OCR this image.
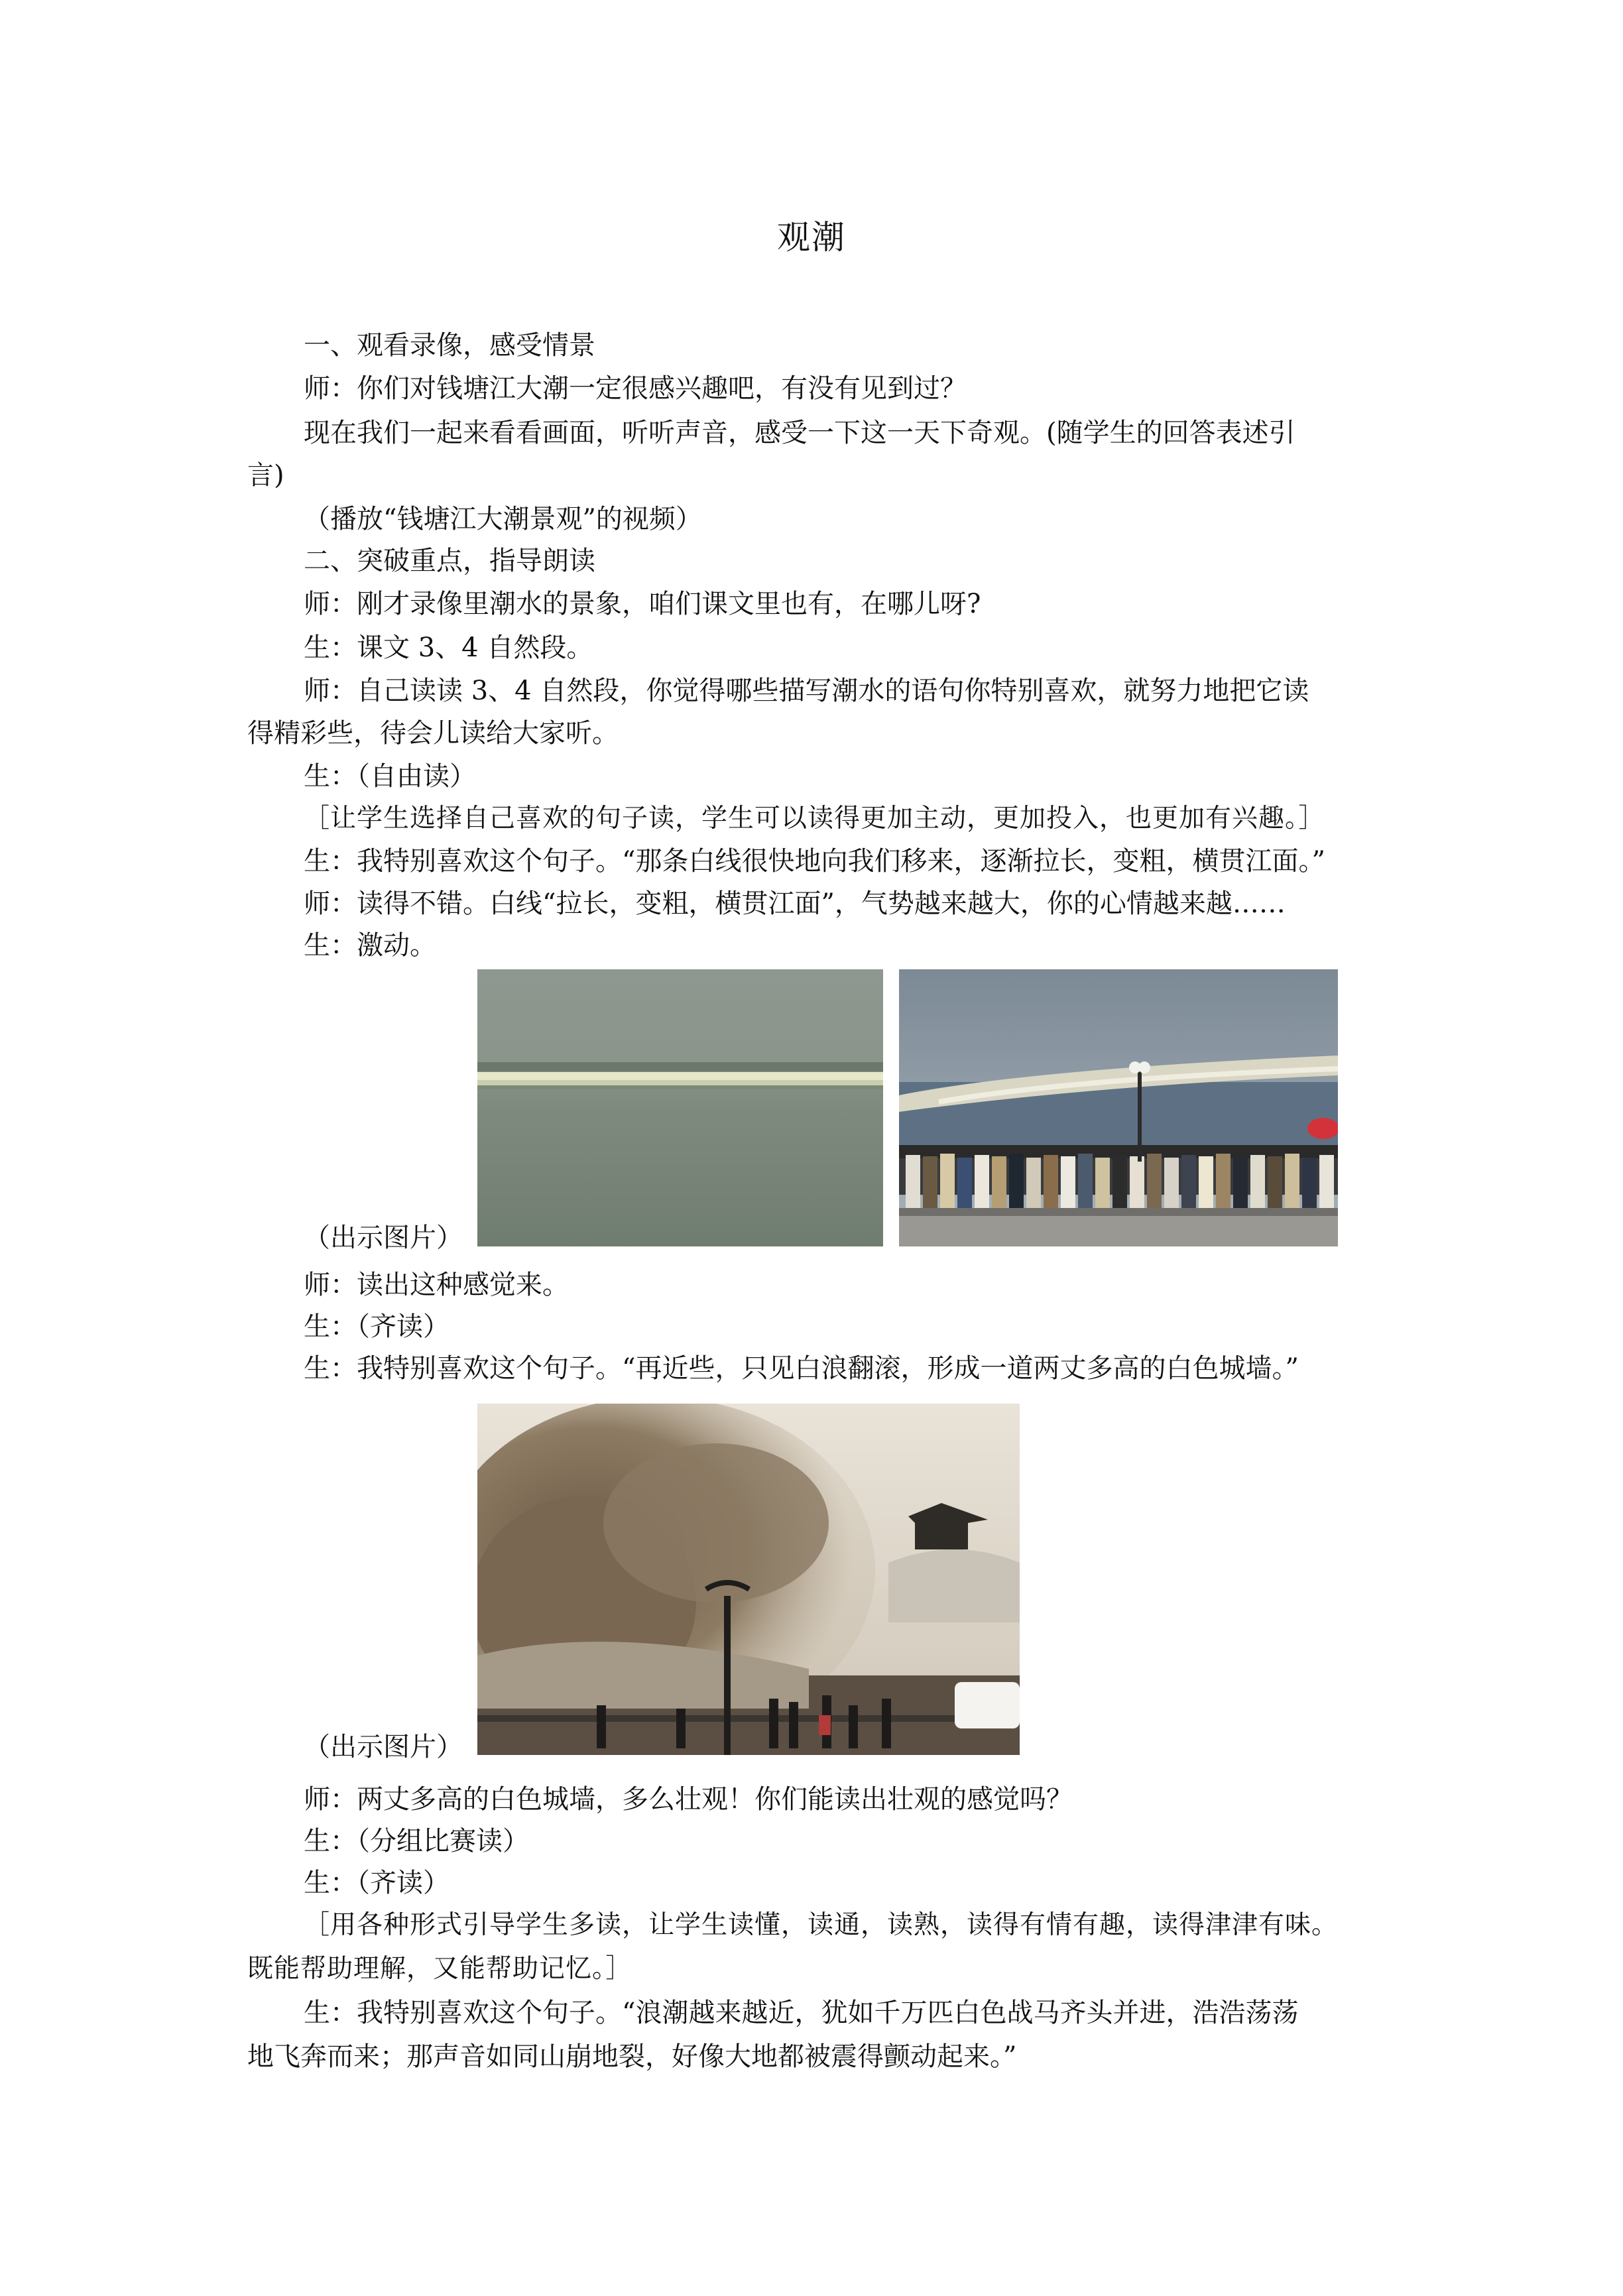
观潮
一、观看录像，感受情景
师：你们对钱塘江大潮一定很感兴趣吧，有没有见到过？
现在我们一起来看看画面，听听声音，感受一下这一天下奇观。(随学生的回答表述引
言)
（播放“钱塘江大潮景观”的视频）
二、突破重点，指导朗读
师：刚才录像里潮水的景象，咱们课文里也有，在哪儿呀?
生：课文 3、4 自然段。
师：自己读读 3、4 自然段，你觉得哪些描写潮水的语句你特别喜欢，就努力地把它读
得精彩些，待会儿读给大家听。
生：（自由读）
［让学生选择自己喜欢的句子读，学生可以读得更加主动，更加投入，也更加有兴趣。］
生：我特别喜欢这个句子。“那条白线很快地向我们移来，逐渐拉长，变粗，横贯江面。”
师：读得不错。白线“拉长，变粗，横贯江面”，气势越来越大，你的心情越来越……
生：激动。
（出示图片）
师：读出这种感觉来。
生：（齐读）
生：我特别喜欢这个句子。“再近些，只见白浪翻滚，形成一道两丈多高的白色城墙。”
（出示图片）
师：两丈多高的白色城墙，多么壮观！你们能读出壮观的感觉吗？
生：（分组比赛读）
生：（齐读）
［用各种形式引导学生多读，让学生读懂，读通，读熟，读得有情有趣，读得津津有味。
既能帮助理解，又能帮助记忆。］
生：我特别喜欢这个句子。“浪潮越来越近，犹如千万匹白色战马齐头并进，浩浩荡荡
地飞奔而来；那声音如同山崩地裂，好像大地都被震得颤动起来。”
